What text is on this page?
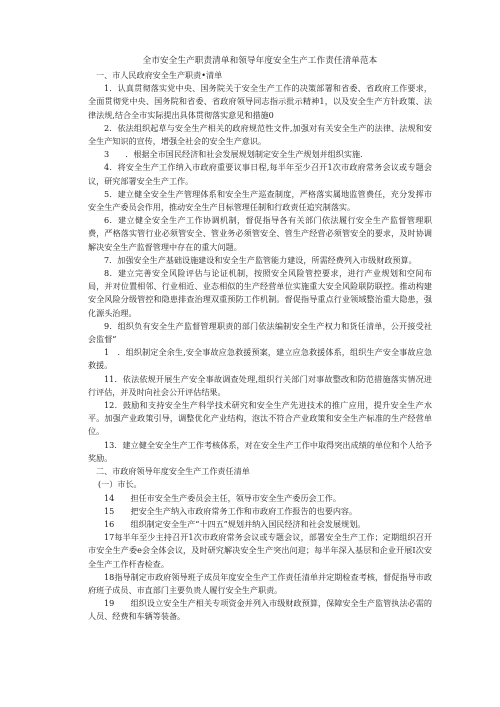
全市安全生产职责清单和领导年度安全生产工作责任清单范本

一、市人民政府安全生产职责•清单

1．认真贯彻落实党中央、国务院关于安全生产工作的决策部署和省委、省政府工作要求，全面贯彻党中央、国务院和省委、省政府领导同志指示批示精神1，以及安全生产方针政策、法律法规,结合全市实际提出具体贯彻落实意见和措施0

2．依法组织起草与安全生产相关的政府规范性文件,加强对有关安全生产的法律、法规和安全生产知识的宣传，增强全社会的安全生产意识。

3　　．根据全市国民经济和社会发展规划制定安全生产规划并组织实施.

4．将安全生产工作纳入市政府重要议事日程,每半年至少召开1次市政府常务会议或专题会议，研究部署安全生产工作。

5．建立健全安全生产管理体系和安全生产巡查制度，严格落实属地监管费任，充分发挥市安全生产委员会作用，推动安全生产目标管理任制和行政责任追究制落实。

6．建立健全安全生产工作协调机制，督促指导各有关部门依法履行安全生产监督管理职费，严格落实管行业必须管安全、管业务必须管安全、管生产经营必须管安全的要求，及时协调解决安全生产监督管理中存在的重大问题。

7．加强安全生产基础设施建设和安全生产监管能力建设，所需经费列入市级财政预算。

8．建立完善安全风险评估与论证机制，按照安全风险管控要求，进行产业规划和空间布局，并对位置相邻、行业相近、业态相似的生产经营单位实施重大安全风险联防联控。推动构建安全风险分级管控和隐患排查治理双重预防工作机制。督促指导重点行业领域整治重大隐患，强化源头治理。

9．组织负有安全生产监督管理职责的部门依法编制安全生产权力和货任清单，公开接受社会监督“

1　．组织制定全余生,安全事故应急救援预案，建立应急救援体系，组织生产安全事故应急救援。

11．依法依规开展生产安全事故调查处理,组织行关部门对事故整改和防范措施落实情况进行评估，并及时向社会公开评估结果。

12．鼓励和支持安全生产科学技术研究和安全生产先进技术的推广应用，提升安全生产水平。加强产业政策引导，调整优化产业结构，泡汰不符合产业政策和安全生产标准的生产经营单位。

13．建立健全安全生产工作考核体系，对在安全生产工作中取得突出成绩的单位和个人给予奖励。

二、市政府领导年度安全生产工作责任清单

(一）市长。

14　　担任市安全生产委员会主任，领导市安全生产委历会工作。

15　　把安全生产纳入市政府常务工作和市政府工作报告的也要内容。

16　　组织制定安全生产“十四五”规划并纳入国民经济和社会发展规划。

17每半年至少主持召开1次市政府常务会议或专题会议，部署安全生产工作；定期组织召开市安全生产委e会全体会议，及时研究解决安全生产突出问迎；每半年深入基层和企业开展I次安全生产工作杆杳检查。

18指导制定市政府领导班子成员年度安全生产工作责任清单并定期检查考核，督促指导市政府班子成员、市直部门主要负贵人履行安全生产职责。

19　　组织设立安全生产相关专项资金并列入市级财政预算，保障安全生产监管执法必需的人员、经费和车辆等装备。
